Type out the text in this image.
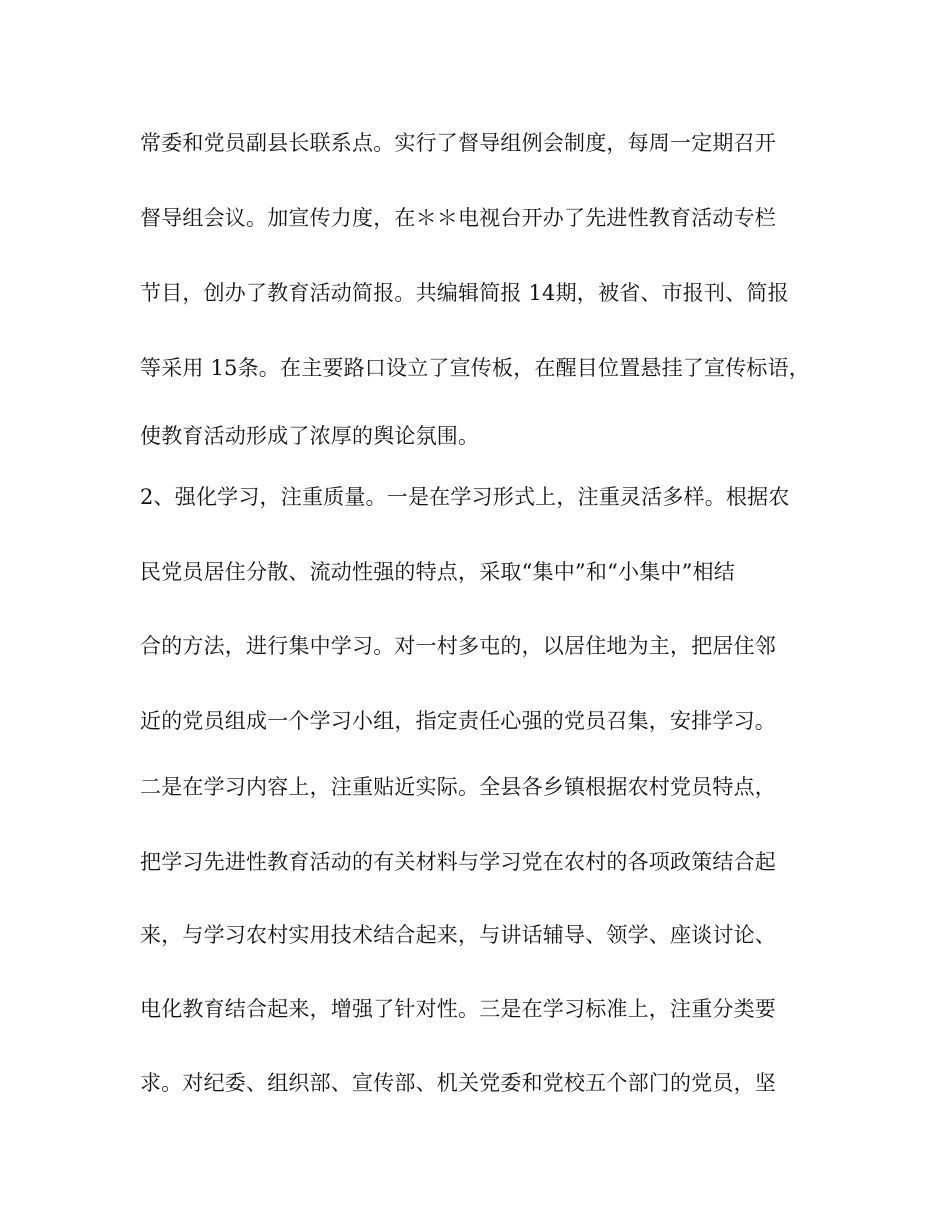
常委和党员副县长联系点。实行了督导组例会制度，每周一定期召开
督导组会议。加宣传力度，在＊＊电视台开办了先进性教育活动专栏
节目，创办了教育活动简报。共编辑简报 14期，被省、市报刊、简报
等采用 15条。在主要路口设立了宣传板，在醒目位置悬挂了宣传标语，
使教育活动形成了浓厚的舆论氛围。
2、强化学习，注重质量。一是在学习形式上，注重灵活多样。根据农
民党员居住分散、流动性强的特点，采取“集中”和“小集中”相结
合的方法，进行集中学习。对一村多屯的，以居住地为主，把居住邻
近的党员组成一个学习小组，指定责任心强的党员召集，安排学习。
二是在学习内容上，注重贴近实际。全县各乡镇根据农村党员特点，
把学习先进性教育活动的有关材料与学习党在农村的各项政策结合起
来，与学习农村实用技术结合起来，与讲话辅导、领学、座谈讨论、
电化教育结合起来，增强了针对性。三是在学习标准上，注重分类要
求。对纪委、组织部、宣传部、机关党委和党校五个部门的党员，坚
